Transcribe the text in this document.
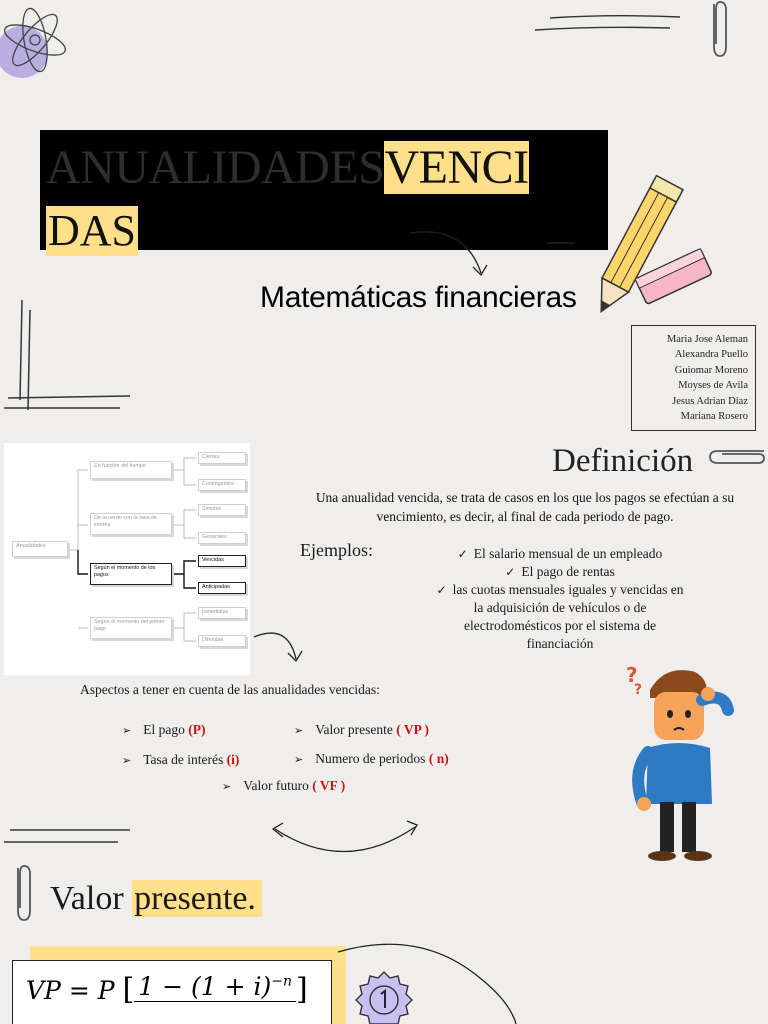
ANUALIDADESVENCI
DAS
Matemáticas financieras
Maria Jose Aleman
Alexandra Puello
Guiomar Moreno
Moyses de Avila
Jesus Adrian Diaz
Mariana Rosero
Anualidades
En función del tiempo
De acuerdo con la tasa de interés
Según el momento de los pagos
Según el momento del primer pago
Ciertas
Contingentes
Simples
Generales
Vencidas
Anticipadas
Inmediatas
Diferidas
Definición
Una anualidad vencida, se trata de casos en los que los pagos se efectúan a su vencimiento, es decir, al final de cada periodo de pago.
Ejemplos:	✓ El salario mensual de un empleado
✓ El pago de rentas
✓ las cuotas mensuales iguales y vencidas en la adquisición de vehículos o de electrodomésticos por el sistema de financiación
?
?
Aspectos a tener en cuenta de las anualidades vencidas:
➢ El pago (P)	➢ Valor presente ( VP )
➢ Tasa de interés (i)	➢ Numero de periodos ( n)
➢ Valor futuro ( VF )
Valor presente.
VP = P [ $1 - (1 + i)^{-n}$ ]
